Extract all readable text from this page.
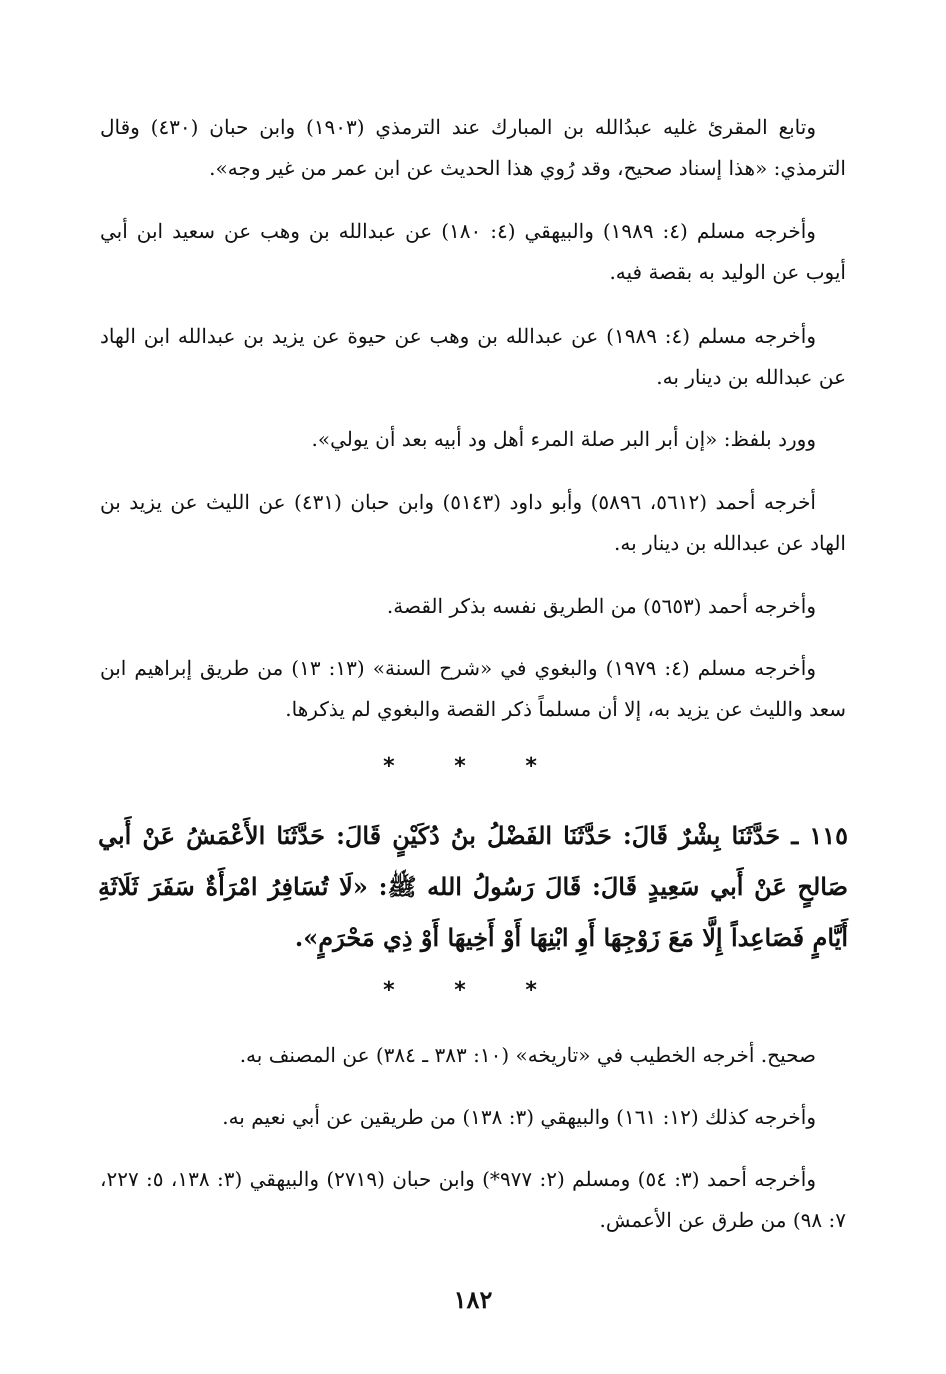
وتابع المقرئ غليه عبدُالله بن المبارك عند الترمذي (١٩٠٣) وابن حبان (٤٣٠) وقال الترمذي: «هذا إسناد صحيح، وقد رُوي هذا الحديث عن ابن عمر من غير وجه».

وأخرجه مسلم (٤: ١٩٨٩) والبيهقي (٤: ١٨٠) عن عبدالله بن وهب عن سعيد ابن أبي أيوب عن الوليد به بقصة فيه.

وأخرجه مسلم (٤: ١٩٨٩) عن عبدالله بن وهب عن حيوة عن يزيد بن عبدالله ابن الهاد عن عبدالله بن دينار به.

وورد بلفظ: «إن أبر البر صلة المرء أهل ود أبيه بعد أن يولي».

أخرجه أحمد (٥٦١٢، ٥٨٩٦) وأبو داود (٥١٤٣) وابن حبان (٤٣١) عن الليث عن يزيد بن الهاد عن عبدالله بن دينار به.

وأخرجه أحمد (٥٦٥٣) من الطريق نفسه بذكر القصة.

وأخرجه مسلم (٤: ١٩٧٩) والبغوي في «شرح السنة» (١٣: ١٣) من طريق إبراهيم ابن سعد والليث عن يزيد به، إلا أن مسلماً ذكر القصة والبغوي لم يذكرها.

* * *

١١٥ ـ حَدَّثَنَا بِشْرٌ قَالَ: حَدَّثَنَا الفَضْلُ بنُ دُكَيْنٍ قَالَ: حَدَّثَنَا الأَعْمَشُ عَنْ أَبي صَالحٍ عَنْ أَبي سَعِيدٍ قَالَ: قَالَ رَسُولُ الله ﷺ: «لَا تُسَافِرُ امْرَأَةٌ سَفَرَ ثَلَاثَةِ أَيَّامٍ فَصَاعِداً إِلَّا مَعَ زَوْجِهَا أَوِ ابْنِهَا أَوْ أَخِيهَا أَوْ ذِي مَحْرَمٍ».

* * *

صحيح. أخرجه الخطيب في «تاريخه» (١٠: ٣٨٣ ـ ٣٨٤) عن المصنف به.

وأخرجه كذلك (١٢: ١٦١) والبيهقي (٣: ١٣٨) من طريقين عن أبي نعيم به.

وأخرجه أحمد (٣: ٥٤) ومسلم (٢: ٩٧٧*) وابن حبان (٢٧١٩) والبيهقي (٣: ١٣٨، ٥: ٢٢٧، ٧: ٩٨) من طرق عن الأعمش.

١٨٢
